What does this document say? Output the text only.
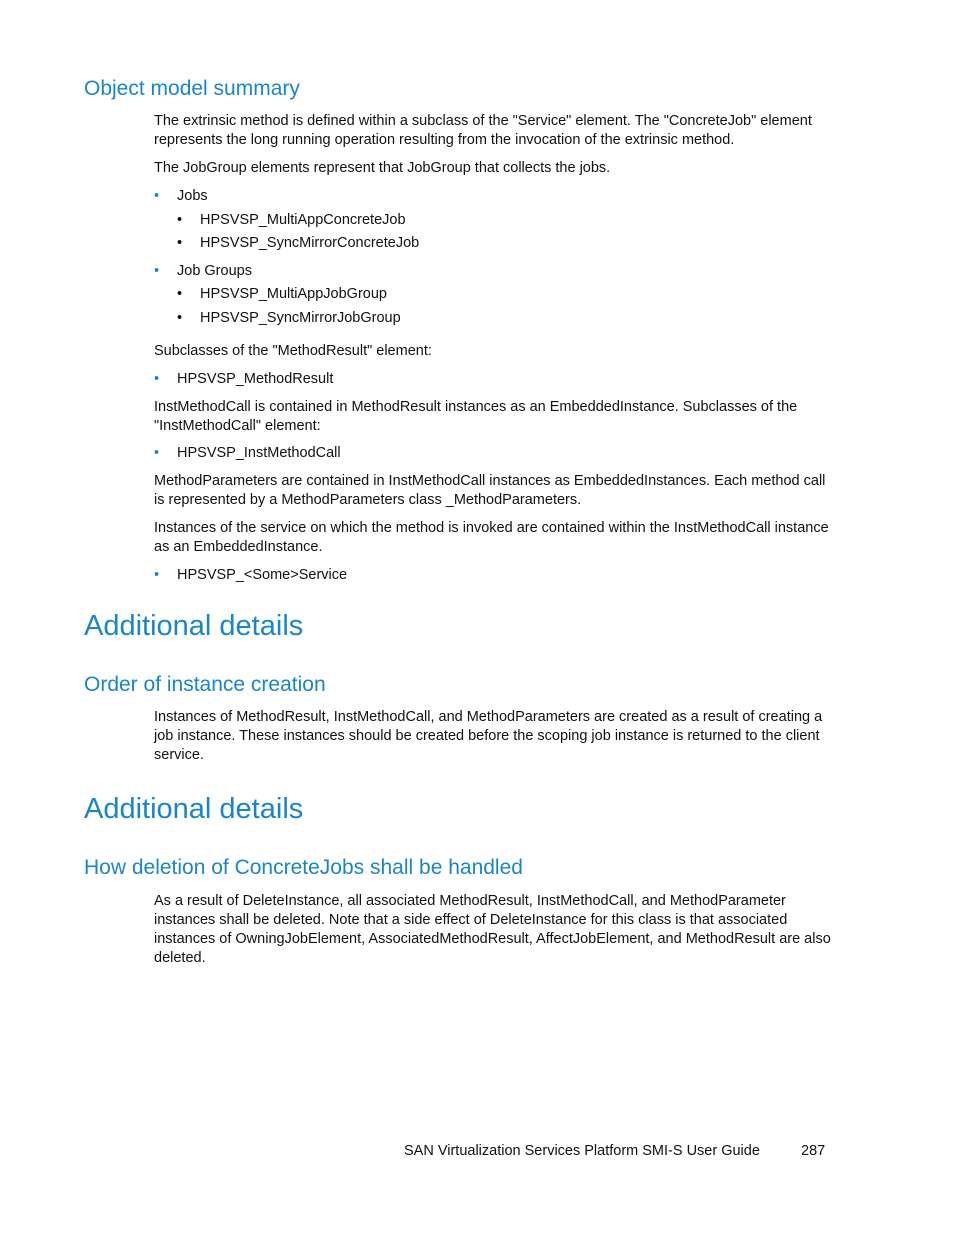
Object model summary

The extrinsic method is defined within a subclass of the "Service" element. The "ConcreteJob" element represents the long running operation resulting from the invocation of the extrinsic method.

The JobGroup elements represent that JobGroup that collects the jobs.

• Jobs
• HPSVSP_MultiAppConcreteJob
• HPSVSP_SyncMirrorConcreteJob
• Job Groups
• HPSVSP_MultiAppJobGroup
• HPSVSP_SyncMirrorJobGroup

Subclasses of the "MethodResult" element:

• HPSVSP_MethodResult

InstMethodCall is contained in MethodResult instances as an EmbeddedInstance. Subclasses of the "InstMethodCall" element:

• HPSVSP_InstMethodCall

MethodParameters are contained in InstMethodCall instances as EmbeddedInstances. Each method call is represented by a MethodParameters class _MethodParameters.

Instances of the service on which the method is invoked are contained within the InstMethodCall instance as an EmbeddedInstance.

• HPSVSP_<Some>Service
Additional details
Order of instance creation

Instances of MethodResult, InstMethodCall, and MethodParameters are created as a result of creating a job instance. These instances should be created before the scoping job instance is returned to the client service.

Additional details
How deletion of ConcreteJobs shall be handled

As a result of DeleteInstance, all associated MethodResult, InstMethodCall, and MethodParameter instances shall be deleted. Note that a side effect of DeleteInstance for this class is that associated instances of OwningJobElement, AssociatedMethodResult, AffectJobElement, and MethodResult are also deleted.

SAN Virtualization Services Platform SMI-S User Guide	287
